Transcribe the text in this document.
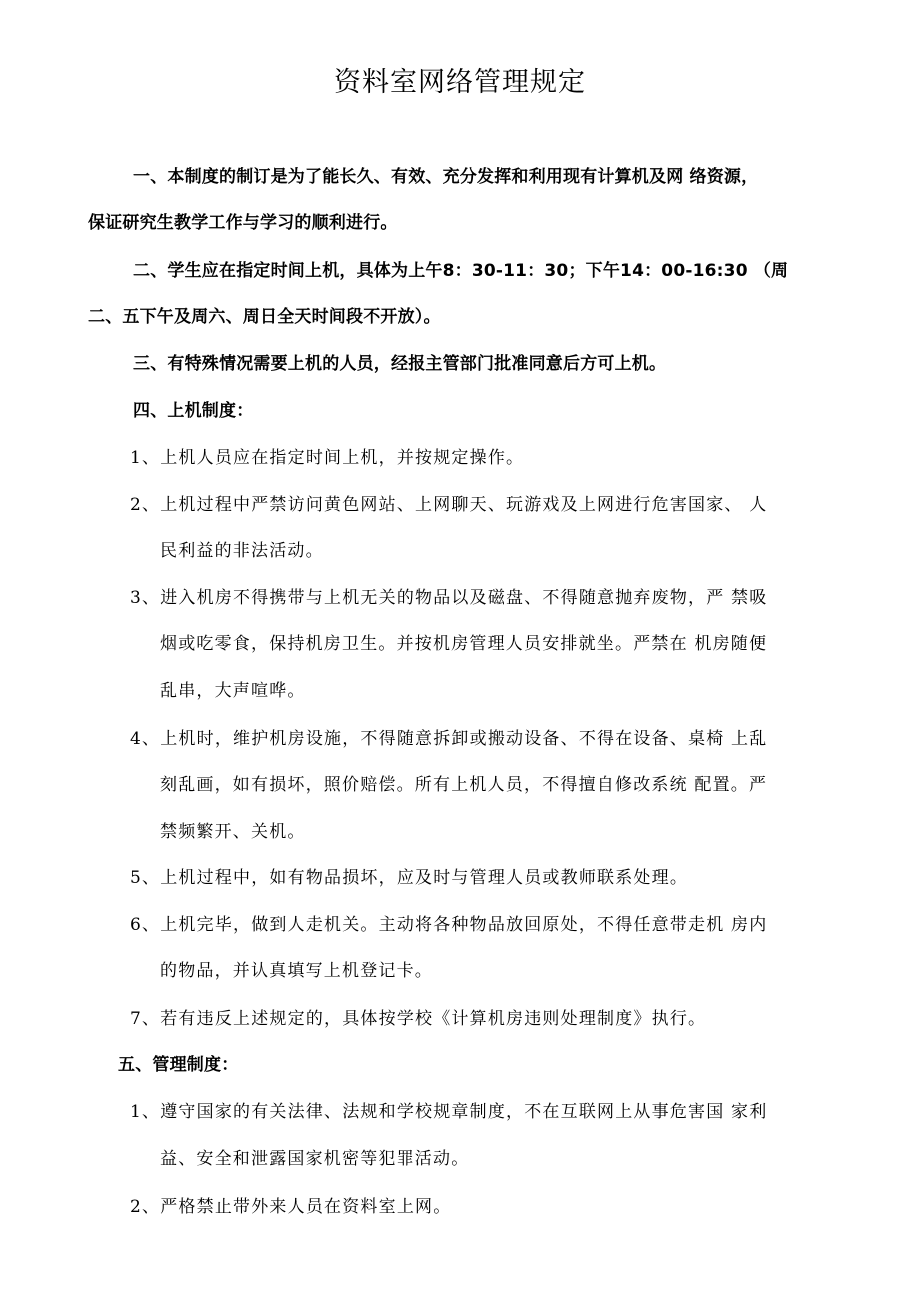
资料室网络管理规定
一、本制度的制订是为了能长久、有效、充分发挥和利用现有计算机及网 络资源，
保证研究生教学工作与学习的顺利进行。
二、学生应在指定时间上机，具体为上午8：30-11：30；下午14：00-16:30 （周
二、五下午及周六、周日全天时间段不开放）。
三、有特殊情况需要上机的人员，经报主管部门批准同意后方可上机。
四、上机制度：
1、上机人员应在指定时间上机，并按规定操作。
2、上机过程中严禁访问黄色网站、上网聊天、玩游戏及上网进行危害国家、 人
民利益的非法活动。
3、进入机房不得携带与上机无关的物品以及磁盘、不得随意抛弃废物，严 禁吸
烟或吃零食，保持机房卫生。并按机房管理人员安排就坐。严禁在 机房随便
乱串，大声喧哗。
4、上机时，维护机房设施，不得随意拆卸或搬动设备、不得在设备、桌椅 上乱
刻乱画，如有损坏，照价赔偿。所有上机人员，不得擅自修改系统 配置。严
禁频繁开、关机。
5、上机过程中，如有物品损坏，应及时与管理人员或教师联系处理。
6、上机完毕，做到人走机关。主动将各种物品放回原处，不得任意带走机 房内
的物品，并认真填写上机登记卡。
7、若有违反上述规定的，具体按学校《计算机房违则处理制度》执行。
五、管理制度：
1、遵守国家的有关法律、法规和学校规章制度，不在互联网上从事危害国 家利
益、安全和泄露国家机密等犯罪活动。
2、严格禁止带外来人员在资料室上网。
